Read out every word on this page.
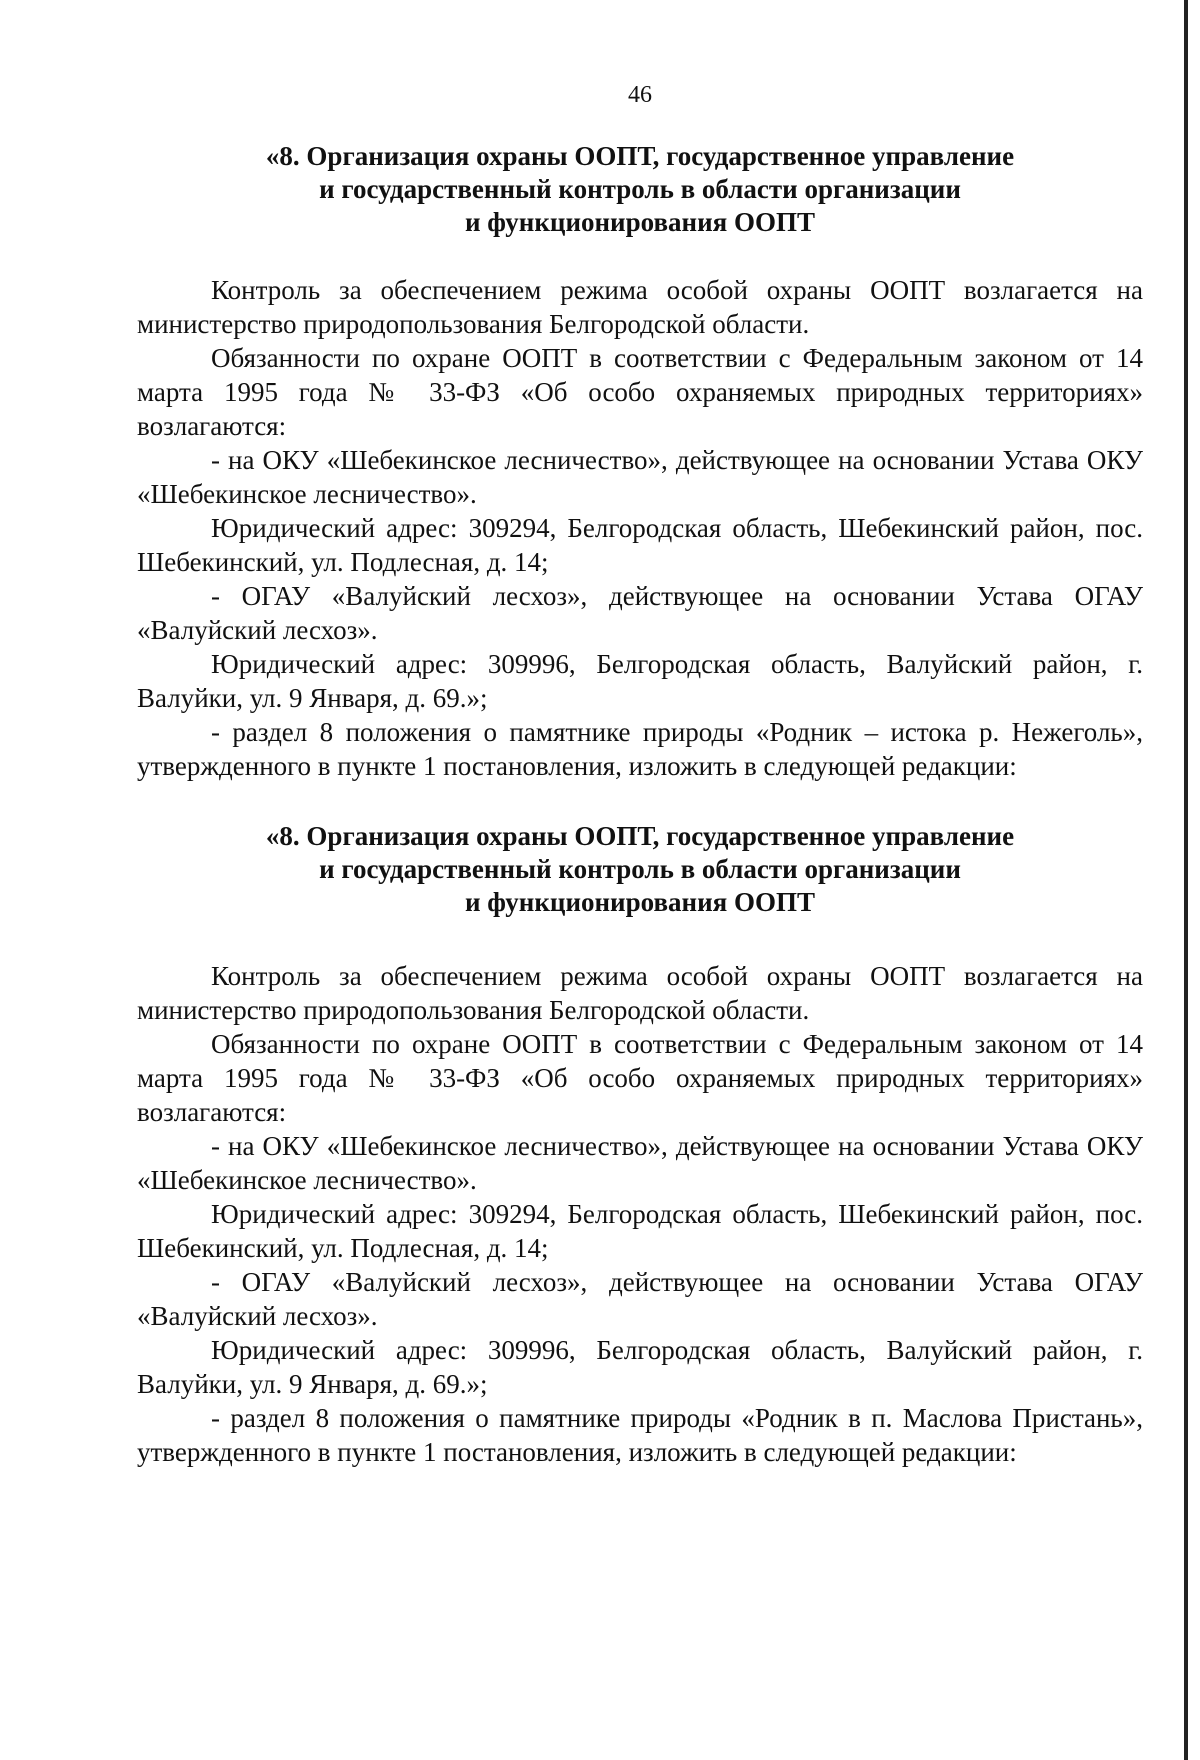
46
«8. Организация охраны ООПТ, государственное управление
и государственный контроль в области организации
и функционирования ООПТ

Контроль за обеспечением режима особой охраны ООПТ возлагается на министерство природопользования Белгородской области.

Обязанности по охране ООПТ в соответствии с Федеральным законом от 14 марта 1995 года № 33-ФЗ «Об особо охраняемых природных территориях» возлагаются:

- на ОКУ «Шебекинское лесничество», действующее на основании Устава ОКУ «Шебекинское лесничество».

Юридический адрес: 309294, Белгородская область, Шебекинский район, пос. Шебекинский, ул. Подлесная, д. 14;

- ОГАУ «Валуйский лесхоз», действующее на основании Устава ОГАУ «Валуйский лесхоз».

Юридический адрес: 309996, Белгородская область, Валуйский район, г. Валуйки, ул. 9 Января, д. 69.»;

- раздел 8 положения о памятнике природы «Родник – истока р. Нежеголь», утвержденного в пункте 1 постановления, изложить в следующей редакции:

«8. Организация охраны ООПТ, государственное управление
и государственный контроль в области организации
и функционирования ООПТ

Контроль за обеспечением режима особой охраны ООПТ возлагается на министерство природопользования Белгородской области.

Обязанности по охране ООПТ в соответствии с Федеральным законом от 14 марта 1995 года № 33-ФЗ «Об особо охраняемых природных территориях» возлагаются:

- на ОКУ «Шебекинское лесничество», действующее на основании Устава ОКУ «Шебекинское лесничество».

Юридический адрес: 309294, Белгородская область, Шебекинский район, пос. Шебекинский, ул. Подлесная, д. 14;

- ОГАУ «Валуйский лесхоз», действующее на основании Устава ОГАУ «Валуйский лесхоз».

Юридический адрес: 309996, Белгородская область, Валуйский район, г. Валуйки, ул. 9 Января, д. 69.»;

- раздел 8 положения о памятнике природы «Родник в п. Маслова Пристань», утвержденного в пункте 1 постановления, изложить в следующей редакции:
